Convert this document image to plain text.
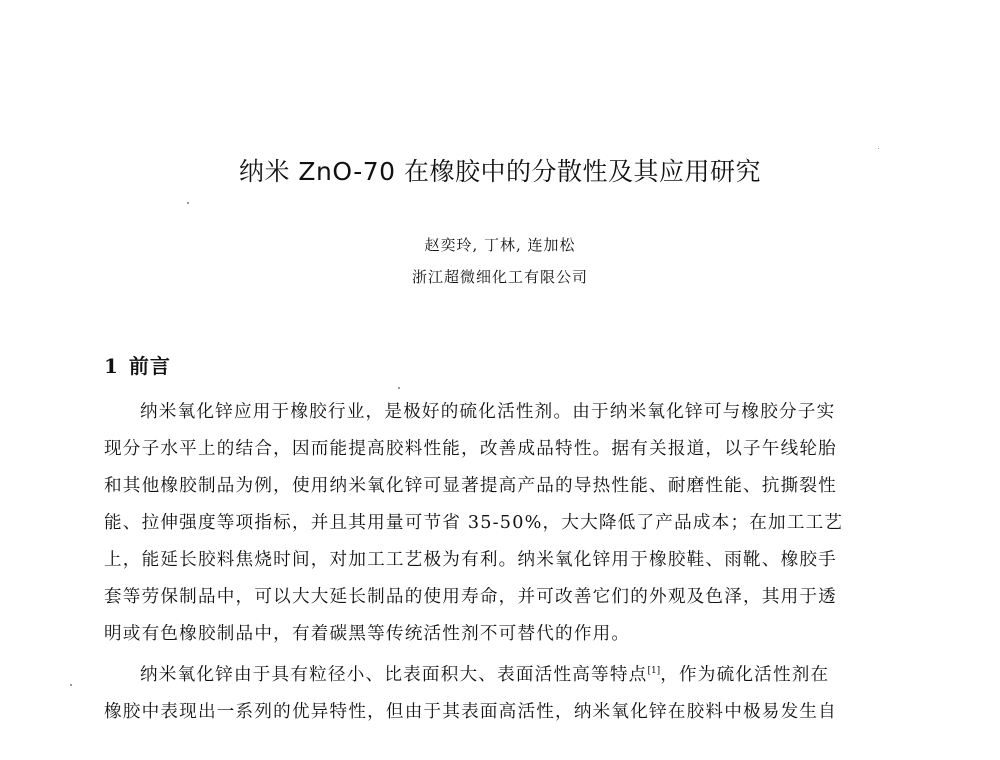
纳米 ZnO-70 在橡胶中的分散性及其应用研究
赵奕玲, 丁林, 连加松
浙江超微细化工有限公司
1 前言
纳米氧化锌应用于橡胶行业，是极好的硫化活性剂。由于纳米氧化锌可与橡胶分子实
现分子水平上的结合，因而能提高胶料性能，改善成品特性。据有关报道，以子午线轮胎
和其他橡胶制品为例，使用纳米氧化锌可显著提高产品的导热性能、耐磨性能、抗撕裂性
能、拉伸强度等项指标，并且其用量可节省 35-50%，大大降低了产品成本；在加工工艺
上，能延长胶料焦烧时间，对加工工艺极为有利。纳米氧化锌用于橡胶鞋、雨靴、橡胶手
套等劳保制品中，可以大大延长制品的使用寿命，并可改善它们的外观及色泽，其用于透
明或有色橡胶制品中，有着碳黑等传统活性剂不可替代的作用。
纳米氧化锌由于具有粒径小、比表面积大、表面活性高等特点[1]，作为硫化活性剂在
橡胶中表现出一系列的优异特性，但由于其表面高活性，纳米氧化锌在胶料中极易发生自
